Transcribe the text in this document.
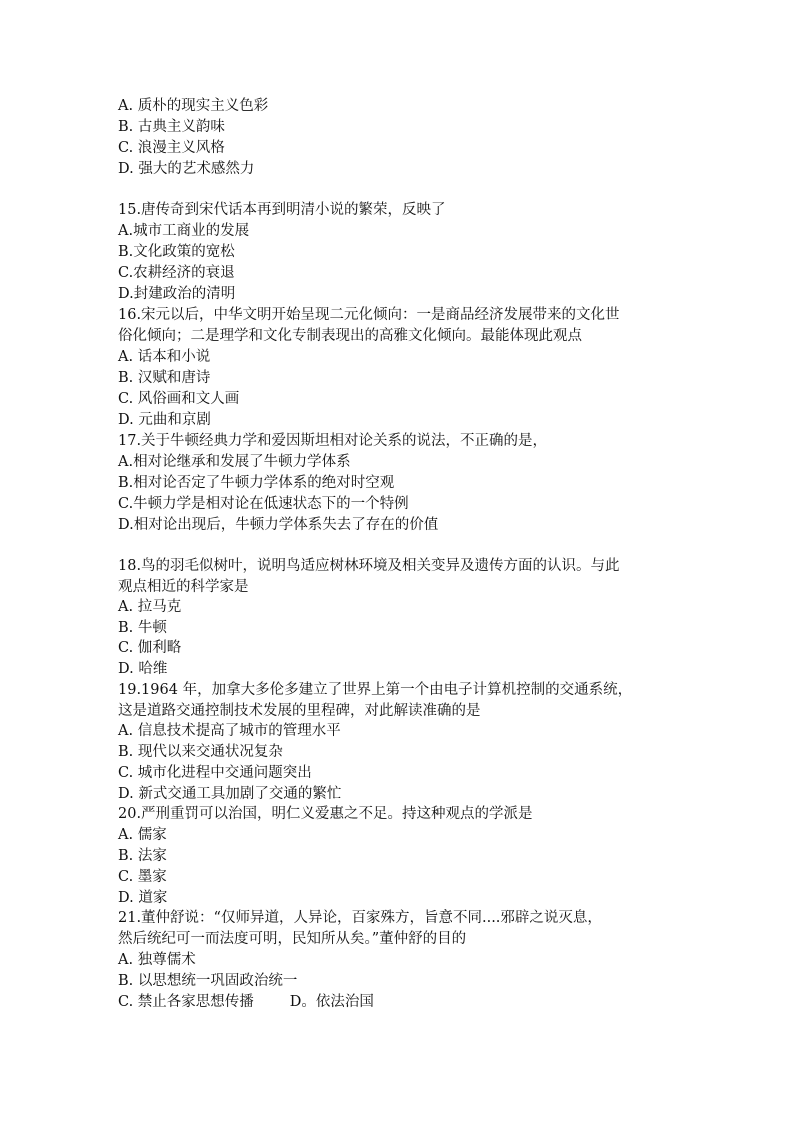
A. 质朴的现实主义色彩
B. 古典主义韵味
C. 浪漫主义风格
D. 强大的艺术感然力
15.唐传奇到宋代话本再到明清小说的繁荣，反映了
A.城市工商业的发展
B.文化政策的宽松
C.农耕经济的衰退
D.封建政治的清明
16.宋元以后，中华文明开始呈现二元化倾向：一是商品经济发展带来的文化世
俗化倾向；二是理学和文化专制表现出的高雅文化倾向。最能体现此观点
A. 话本和小说
B. 汉赋和唐诗
C. 风俗画和文人画
D. 元曲和京剧
17.关于牛顿经典力学和爱因斯坦相对论关系的说法，不正确的是，
A.相对论继承和发展了牛顿力学体系
B.相对论否定了牛顿力学体系的绝对时空观
C.牛顿力学是相对论在低速状态下的一个特例
D.相对论出现后，牛顿力学体系失去了存在的价值
18.鸟的羽毛似树叶，说明鸟适应树林环境及相关变异及遗传方面的认识。与此
观点相近的科学家是
A. 拉马克
B. 牛顿
C. 伽利略
D. 哈维
19.1964 年，加拿大多伦多建立了世界上第一个由电子计算机控制的交通系统，
这是道路交通控制技术发展的里程碑，对此解读准确的是
A. 信息技术提高了城市的管理水平
B. 现代以来交通状况复杂
C. 城市化进程中交通问题突出
D. 新式交通工具加剧了交通的繁忙
20.严刑重罚可以治国，明仁义爱惠之不足。持这种观点的学派是
A. 儒家
B. 法家
C. 墨家
D. 道家
21.董仲舒说：“仅师异道，人异论，百家殊方，旨意不同....邪辟之说灭息，
然后统纪可一而法度可明，民知所从矣。”董仲舒的目的
A. 独尊儒术
B. 以思想统一巩固政治统一
C. 禁止各家思想传播 D。依法治国
